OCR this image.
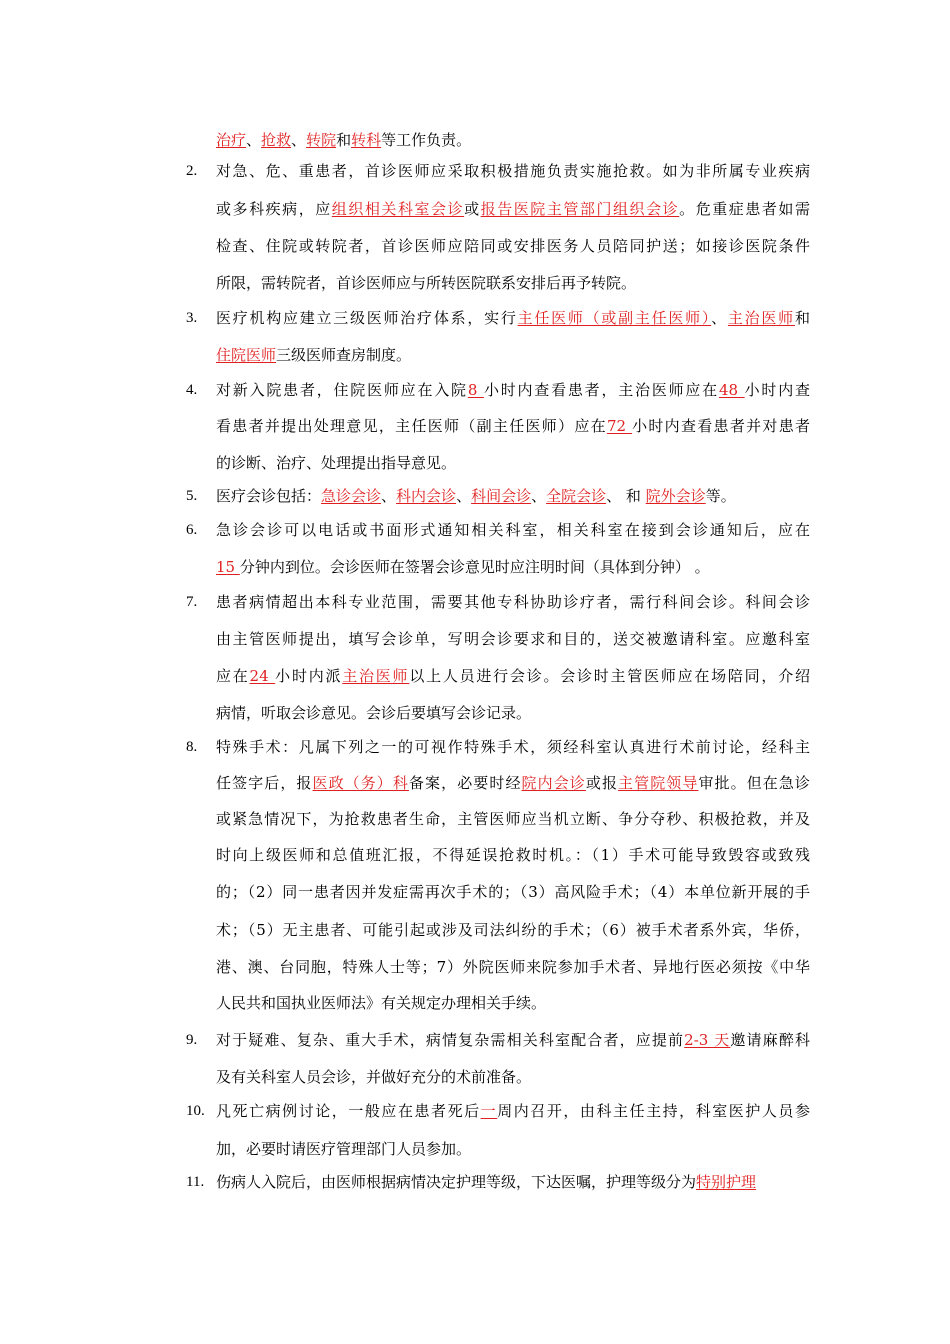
治疗、抢救、转院和转科等工作负责。
2.	对急、危、重患者，首诊医师应采取积极措施负责实施抢救。如为非所属专业疾病
或多科疾病，应组织相关科室会诊或报告医院主管部门组织会诊。危重症患者如需
检查、住院或转院者，首诊医师应陪同或安排医务人员陪同护送；如接诊医院条件
所限，需转院者，首诊医师应与所转医院联系安排后再予转院。
3.	医疗机构应建立三级医师治疗体系，实行主任医师（或副主任医师）、主治医师和
住院医师三级医师查房制度。
4.	对新入院患者，住院医师应在入院8 小时内查看患者，主治医师应在48 小时内查
看患者并提出处理意见，主任医师（副主任医师）应在72 小时内查看患者并对患者
的诊断、治疗、处理提出指导意见。
5.	医疗会诊包括：急诊会诊、科内会诊、科间会诊、全院会诊、 和 院外会诊等。
6.	急诊会诊可以电话或书面形式通知相关科室，相关科室在接到会诊通知后，应在
15 分钟内到位。会诊医师在签署会诊意见时应注明时间（具体到分钟） 。
7.	患者病情超出本科专业范围，需要其他专科协助诊疗者，需行科间会诊。科间会诊
由主管医师提出，填写会诊单，写明会诊要求和目的，送交被邀请科室。应邀科室
应在24 小时内派主治医师以上人员进行会诊。会诊时主管医师应在场陪同，介绍
病情，听取会诊意见。会诊后要填写会诊记录。
8.	特殊手术：凡属下列之一的可视作特殊手术，须经科室认真进行术前讨论，经科主
任签字后，报医政（务）科备案，必要时经院内会诊或报主管院领导审批。但在急诊
或紧急情况下，为抢救患者生命，主管医师应当机立断、争分夺秒、积极抢救，并及
时向上级医师和总值班汇报，不得延误抢救时机。：（1）手术可能导致毁容或致残
的；（2）同一患者因并发症需再次手术的；（3）高风险手术；（4）本单位新开展的手
术；（5）无主患者、可能引起或涉及司法纠纷的手术；（6）被手术者系外宾，华侨，
港、澳、台同胞，特殊人士等；7）外院医师来院参加手术者、异地行医必须按《中华
人民共和国执业医师法》有关规定办理相关手续。
9.	对于疑难、复杂、重大手术，病情复杂需相关科室配合者，应提前2-3 天邀请麻醉科
及有关科室人员会诊，并做好充分的术前准备。
10. 凡死亡病例讨论，一般应在患者死后一周内召开，由科主任主持，科室医护人员参
加，必要时请医疗管理部门人员参加。
11. 伤病人入院后，由医师根据病情决定护理等级，下达医嘱，护理等级分为特别护理
